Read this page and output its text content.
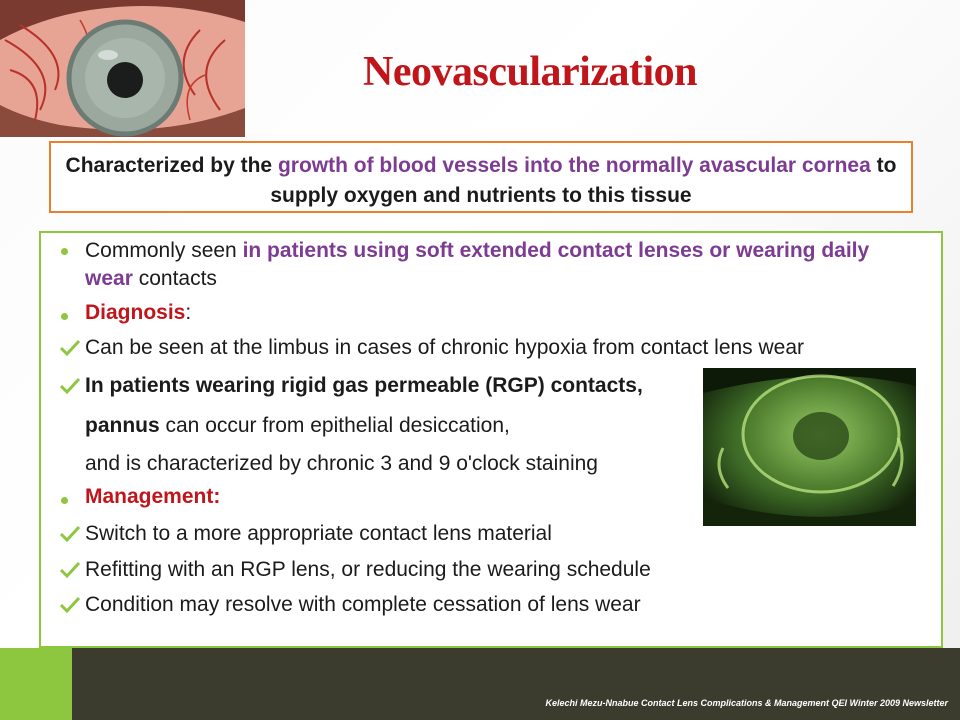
Neovascularization
Characterized by the growth of blood vessels into the normally avascular cornea to supply oxygen and nutrients to this tissue
Commonly seen in patients using soft extended contact lenses or wearing daily wear contacts
Diagnosis:
Can be seen at the limbus in cases of chronic hypoxia from contact lens wear
In patients wearing rigid gas permeable (RGP) contacts,
pannus can occur from epithelial desiccation,
and is characterized by chronic 3 and 9 o'clock staining
Management:
Switch to a more appropriate contact lens material
Refitting with an RGP lens, or reducing the wearing schedule
Condition may resolve with complete cessation of lens wear
Kelechi Mezu-Nnabue Contact Lens Complications & Management QEI Winter 2009 Newsletter
